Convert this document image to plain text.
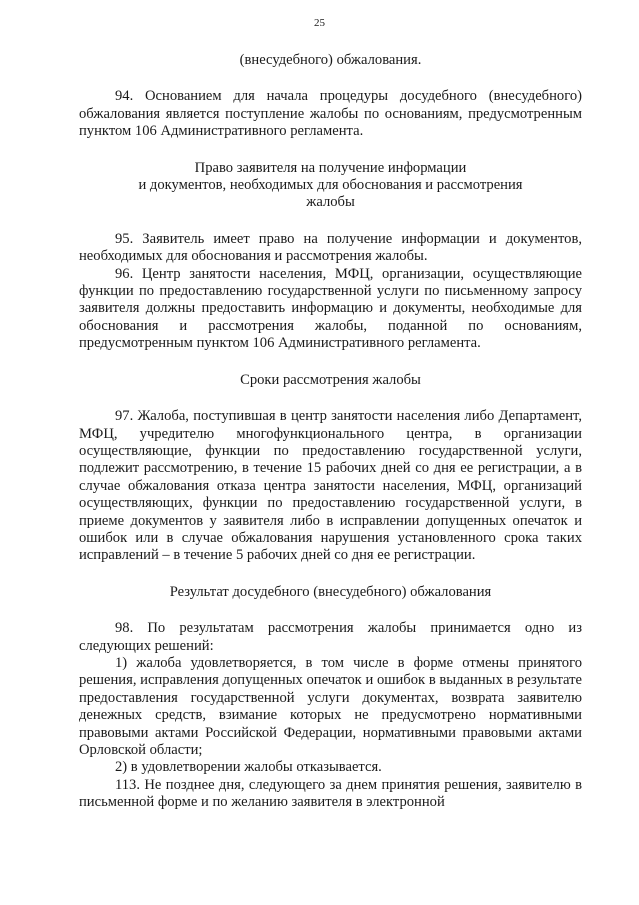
25

(внесудебного) обжалования.

94. Основанием для начала процедуры досудебного (внесудебного) обжалования является поступление жалобы по основаниям, предусмотренным пунктом 106 Административного регламента.

Право заявителя на получение информации
и документов, необходимых для обоснования и рассмотрения
жалобы

95. Заявитель имеет право на получение информации и документов, необходимых для обоснования и рассмотрения жалобы.

96. Центр занятости населения, МФЦ, организации, осуществляющие функции по предоставлению государственной услуги по письменному запросу заявителя должны предоставить информацию и документы, необходимые для обоснования и рассмотрения жалобы, поданной по основаниям, предусмотренным пунктом 106 Административного регламента.

Сроки рассмотрения жалобы

97. Жалоба, поступившая в центр занятости населения либо Департамент, МФЦ, учредителю многофункционального центра, в организации осуществляющие, функции по предоставлению государственной услуги, подлежит рассмотрению, в течение 15 рабочих дней со дня ее регистрации, а в случае обжалования отказа центра занятости населения, МФЦ, организаций осуществляющих, функции по предоставлению государственной услуги, в приеме документов у заявителя либо в исправлении допущенных опечаток и ошибок или в случае обжалования нарушения установленного срока таких исправлений – в течение 5 рабочих дней со дня ее регистрации.

Результат досудебного (внесудебного) обжалования

98. По результатам рассмотрения жалобы принимается одно из следующих решений:

1) жалоба удовлетворяется, в том числе в форме отмены принятого решения, исправления допущенных опечаток и ошибок в выданных в результате предоставления государственной услуги документах, возврата заявителю денежных средств, взимание которых не предусмотрено нормативными правовыми актами Российской Федерации, нормативными правовыми актами Орловской области;

2) в удовлетворении жалобы отказывается.

113. Не позднее дня, следующего за днем принятия решения, заявителю в письменной форме и по желанию заявителя в электронной
